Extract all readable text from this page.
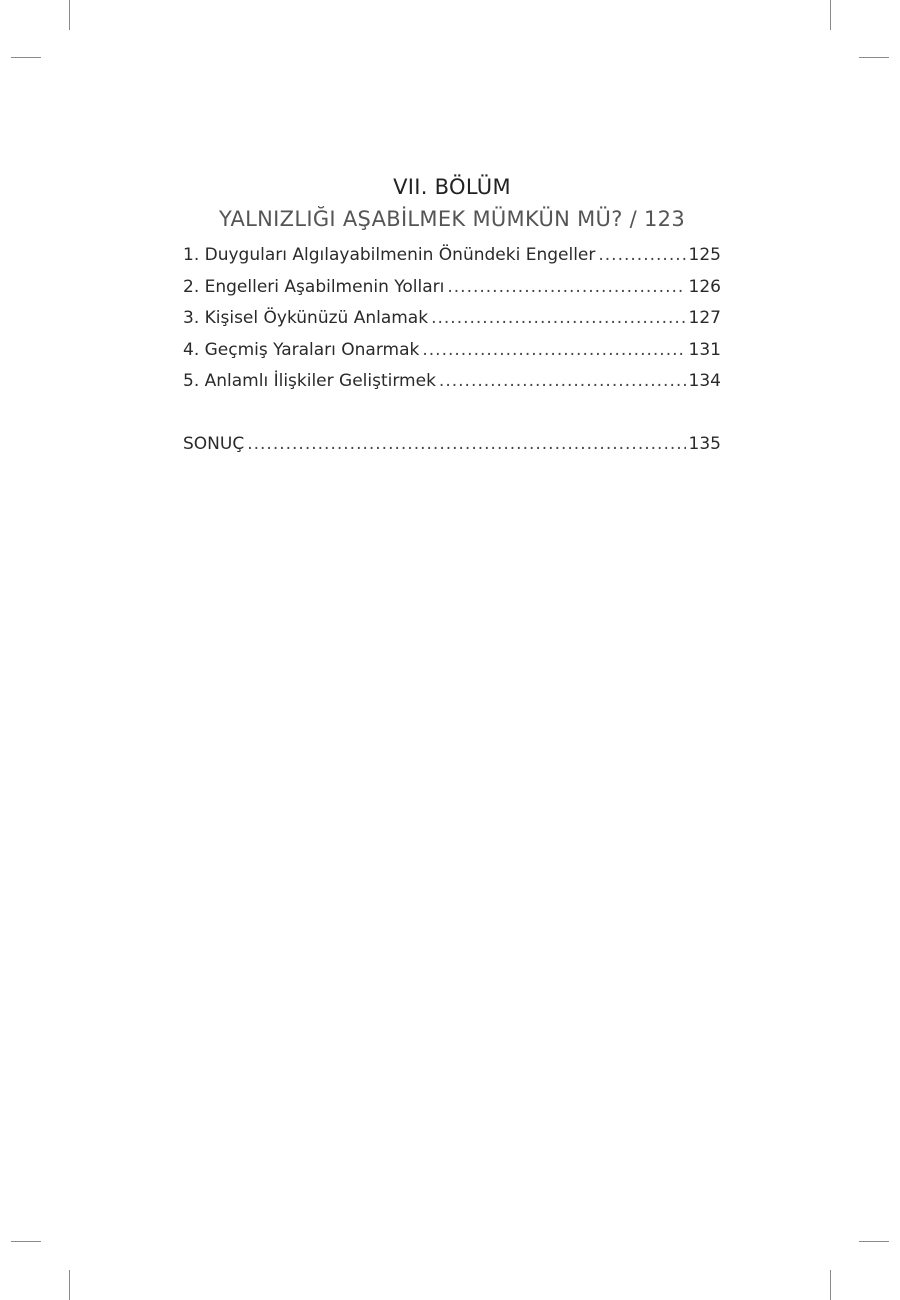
VII. BÖLÜM
YALNIZLIĞI AŞABİLMEK MÜMKÜN MÜ? / 123
1. Duyguları Algılayabilmenin Önündeki Engeller .....	125
2. Engelleri Aşabilmenin Yolları .....	126
3. Kişisel Öykünüzü Anlamak .....	127
4. Geçmiş Yaraları Onarmak .....	131
5. Anlamlı İlişkiler Geliştirmek .....	134
SONUÇ .....	135
